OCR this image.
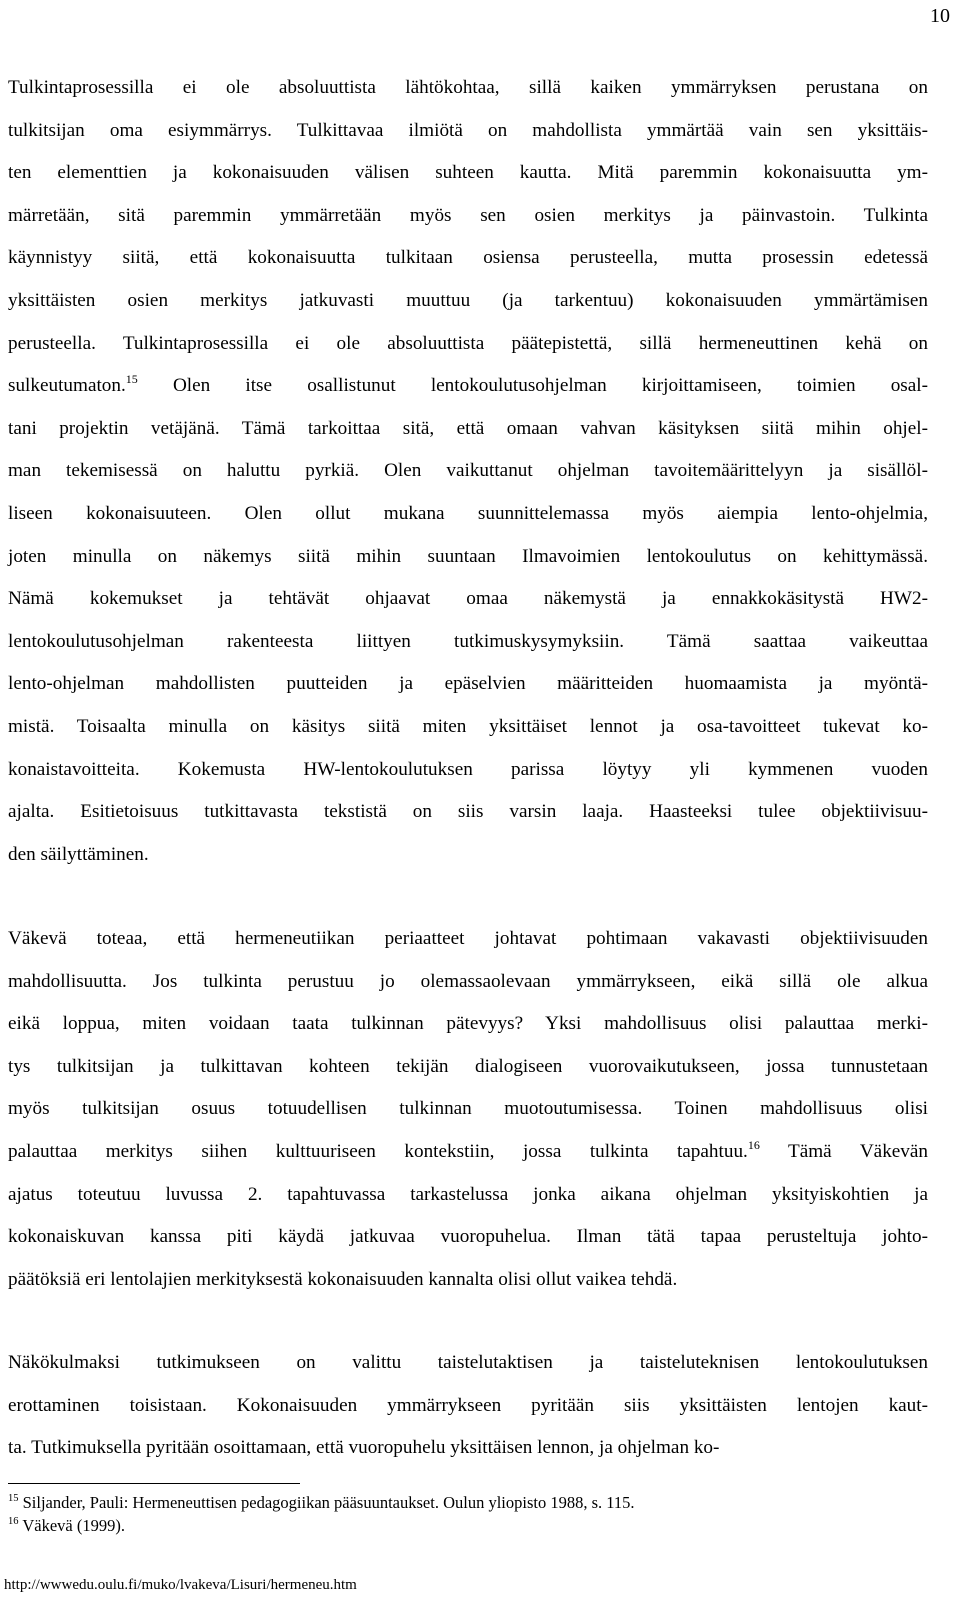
10
Tulkintaprosessilla ei ole absoluuttista lähtökohtaa, sillä kaiken ymmärryksen perustana on
tulkitsijan oma esiymmärrys. Tulkittavaa ilmiötä on mahdollista ymmärtää vain sen yksittäis-
ten elementtien ja kokonaisuuden välisen suhteen kautta. Mitä paremmin kokonaisuutta ym-
märretään, sitä paremmin ymmärretään myös sen osien merkitys ja päinvastoin. Tulkinta
käynnistyy siitä, että kokonaisuutta tulkitaan osiensa perusteella, mutta prosessin edetessä
yksittäisten osien merkitys jatkuvasti muuttuu (ja tarkentuu) kokonaisuuden ymmärtämisen
perusteella. Tulkintaprosessilla ei ole absoluuttista päätepistettä, sillä hermeneuttinen kehä on
sulkeutumaton.$^{15}$ Olen itse osallistunut lentokoulutusohjelman kirjoittamiseen, toimien osal-
tani projektin vetäjänä. Tämä tarkoittaa sitä, että omaan vahvan käsityksen siitä mihin ohjel-
man tekemisessä on haluttu pyrkiä. Olen vaikuttanut ohjelman tavoitemäärittelyyn ja sisällöl-
liseen kokonaisuuteen. Olen ollut mukana suunnittelemassa myös aiempia lento-ohjelmia,
joten minulla on näkemys siitä mihin suuntaan Ilmavoimien lentokoulutus on kehittymässä.
Nämä kokemukset ja tehtävät ohjaavat omaa näkemystä ja ennakkokäsitystä HW2-
lentokoulutusohjelman rakenteesta liittyen tutkimuskysymyksiin. Tämä saattaa vaikeuttaa
lento-ohjelman mahdollisten puutteiden ja epäselvien määritteiden huomaamista ja myöntä-
mistä. Toisaalta minulla on käsitys siitä miten yksittäiset lennot ja osa-tavoitteet tukevat ko-
konaistavoitteita. Kokemusta HW-lentokoulutuksen parissa löytyy yli kymmenen vuoden
ajalta. Esitietoisuus tutkittavasta tekstistä on siis varsin laaja. Haasteeksi tulee objektiivisuu-
den säilyttäminen.
Väkevä toteaa, että hermeneutiikan periaatteet johtavat pohtimaan vakavasti objektiivisuuden
mahdollisuutta. Jos tulkinta perustuu jo olemassaolevaan ymmärrykseen, eikä sillä ole alkua
eikä loppua, miten voidaan taata tulkinnan pätevyys? Yksi mahdollisuus olisi palauttaa merki-
tys tulkitsijan ja tulkittavan kohteen tekijän dialogiseen vuorovaikutukseen, jossa tunnustetaan
myös tulkitsijan osuus totuudellisen tulkinnan muotoutumisessa. Toinen mahdollisuus olisi
palauttaa merkitys siihen kulttuuriseen kontekstiin, jossa tulkinta tapahtuu.$^{16}$ Tämä Väkevän
ajatus toteutuu luvussa 2. tapahtuvassa tarkastelussa jonka aikana ohjelman yksityiskohtien ja
kokonaiskuvan kanssa piti käydä jatkuvaa vuoropuhelua. Ilman tätä tapaa perusteltuja johto-
päätöksiä eri lentolajien merkityksestä kokonaisuuden kannalta olisi ollut vaikea tehdä.
Näkökulmaksi tutkimukseen on valittu taistelutaktisen ja taisteluteknisen lentokoulutuksen
erottaminen toisistaan. Kokonaisuuden ymmärrykseen pyritään siis yksittäisten lentojen kaut-
ta. Tutkimuksella pyritään osoittamaan, että vuoropuhelu yksittäisen lennon, ja ohjelman ko-
$^{15}$ Siljander, Pauli: Hermeneuttisen pedagogiikan pääsuuntaukset. Oulun yliopisto 1988, s. 115.
$^{16}$ Väkevä (1999).
http://wwwedu.oulu.fi/muko/lvakeva/Lisuri/hermeneu.htm
